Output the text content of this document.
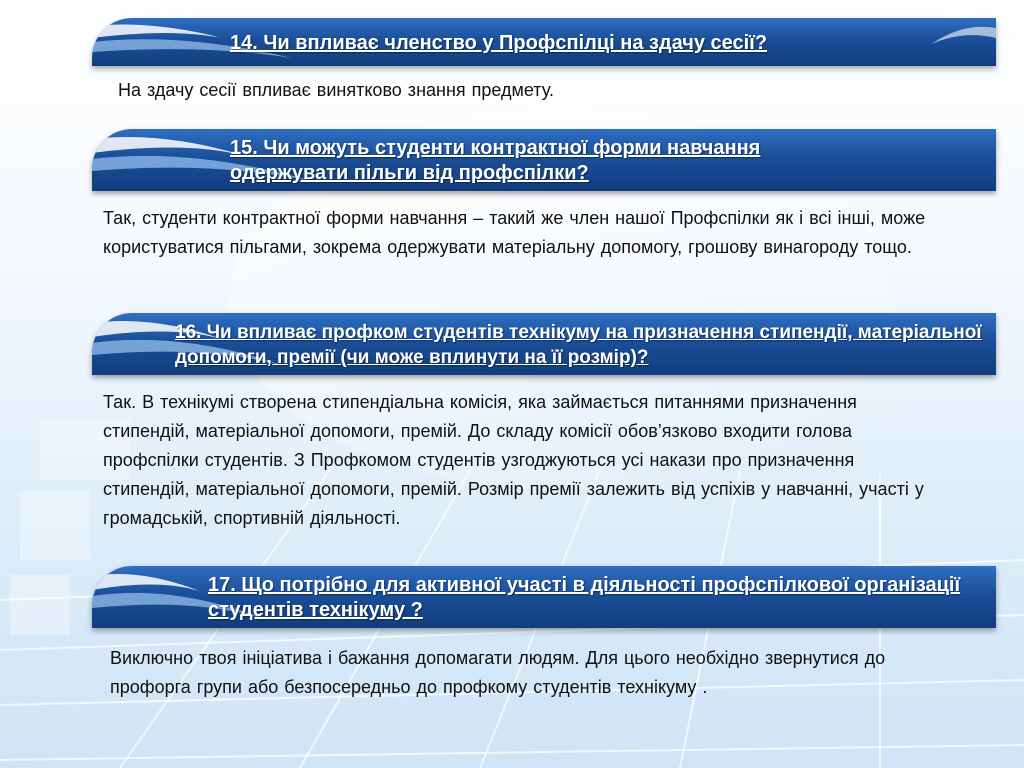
14. Чи впливає членство у Профспілці на здачу сесії?
На здачу сесії впливає винятково знання предмету.
15. Чи можуть студенти контрактної форми навчання
одержувати пільги від профспілки?
Так, студенти контрактної форми навчання – такий же член нашої Профспілки як і всі інші, може користуватися пільгами, зокрема одержувати матеріальну допомогу, грошову винагороду тощо.
16. Чи впливає профком студентів технікуму на призначення стипендії, матеріальної допомоги, премії (чи може вплинути на її розмір)?
Так. В технікумі створена стипендіальна комісія, яка займається питаннями призначення стипендій, матеріальної допомоги, премій. До складу комісії обов’язково входити голова профспілки студентів. З Профкомом студентів узгоджуються усі накази про призначення стипендій, матеріальної допомоги, премій. Розмір премії залежить від успіхів у навчанні, участі у громадській, спортивній діяльності.
17. Що потрібно для активної участі в діяльності профспілкової організації студентів технікуму ?
Виключно твоя ініціатива і бажання допомагати людям. Для цього необхідно звернутися до профорга групи або безпосередньо до профкому студентів технікуму .
